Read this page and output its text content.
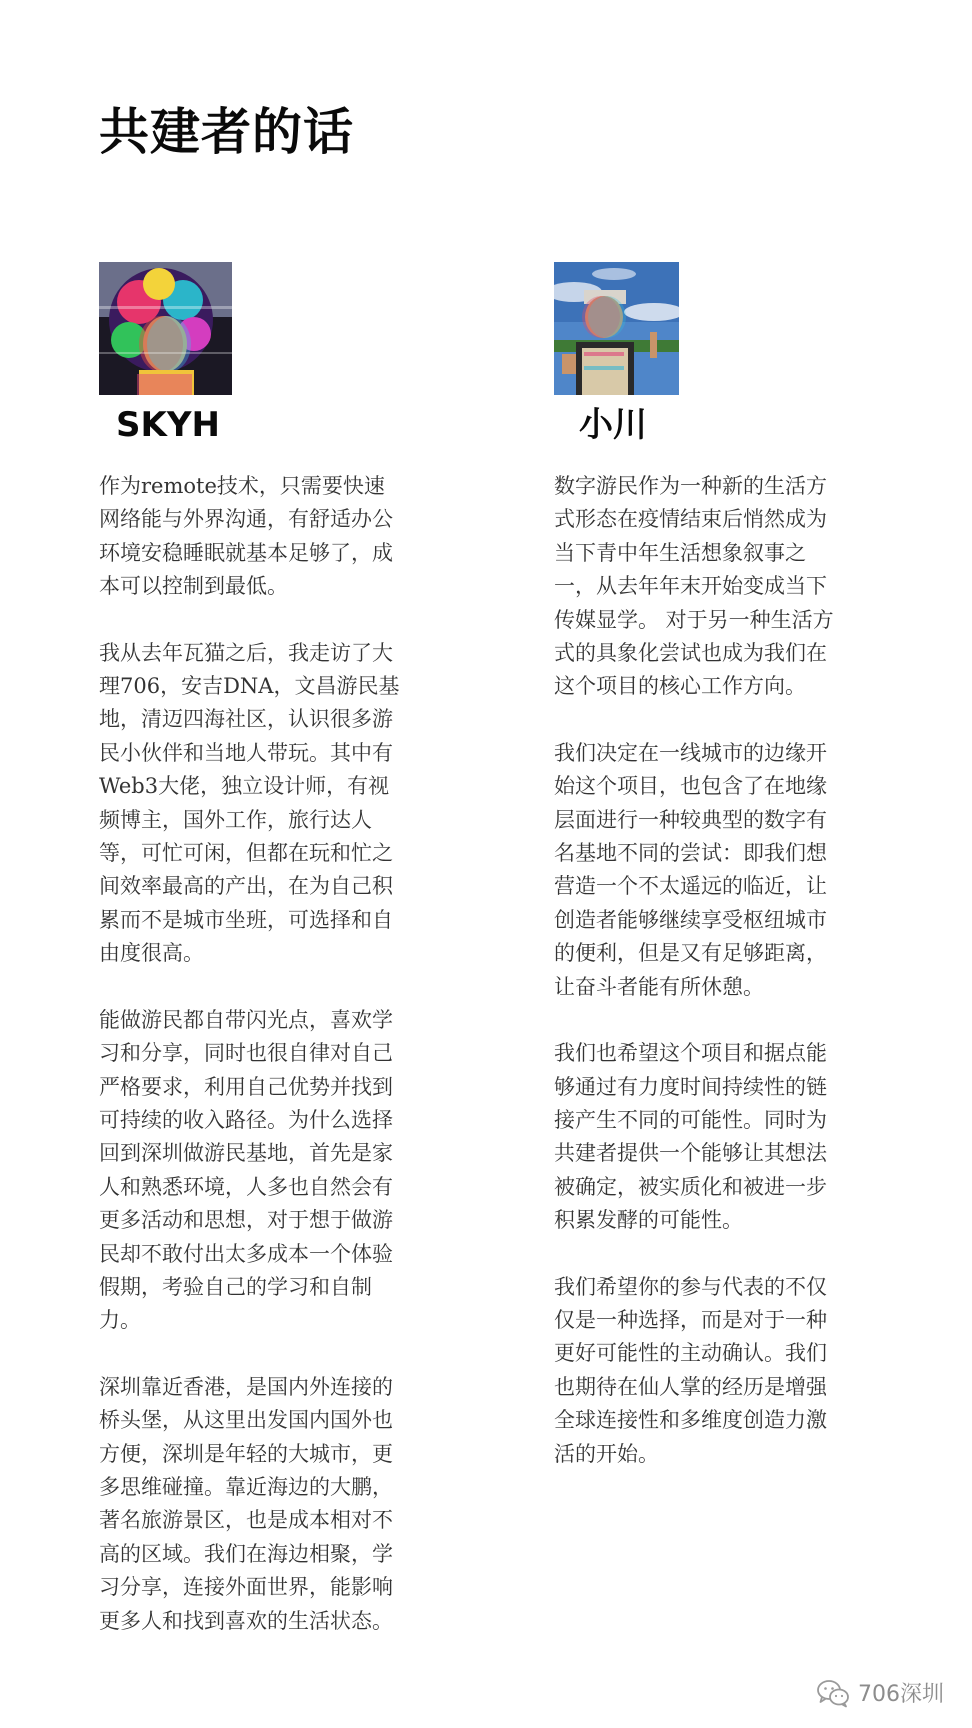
共建者的话
SKYH

作为remote技术，只需要快速
网络能与外界沟通，有舒适办公
环境安稳睡眠就基本足够了，成
本可以控制到最低。

我从去年瓦猫之后，我走访了大
理706，安吉DNA，文昌游民基
地，清迈四海社区，认识很多游
民小伙伴和当地人带玩。其中有
Web3大佬，独立设计师，有视
频博主，国外工作，旅行达人
等，可忙可闲，但都在玩和忙之
间效率最高的产出，在为自己积
累而不是城市坐班，可选择和自
由度很高。

能做游民都自带闪光点，喜欢学
习和分享，同时也很自律对自己
严格要求，利用自己优势并找到
可持续的收入路径。为什么选择
回到深圳做游民基地，首先是家
人和熟悉环境，人多也自然会有
更多活动和思想，对于想于做游
民却不敢付出太多成本一个体验
假期，考验自己的学习和自制
力。

深圳靠近香港，是国内外连接的
桥头堡，从这里出发国内国外也
方便，深圳是年轻的大城市，更
多思维碰撞。靠近海边的大鹏，
著名旅游景区，也是成本相对不
高的区域。我们在海边相聚，学
习分享，连接外面世界，能影响
更多人和找到喜欢的生活状态。

小川

数字游民作为一种新的生活方
式形态在疫情结束后悄然成为
当下青中年生活想象叙事之
一，从去年年末开始变成当下
传媒显学。 对于另一种生活方
式的具象化尝试也成为我们在
这个项目的核心工作方向。

我们决定在一线城市的边缘开
始这个项目，也包含了在地缘
层面进行一种较典型的数字有
名基地不同的尝试：即我们想
营造一个不太遥远的临近，让
创造者能够继续享受枢纽城市
的便利，但是又有足够距离，
让奋斗者能有所休憩。

我们也希望这个项目和据点能
够通过有力度时间持续性的链
接产生不同的可能性。同时为
共建者提供一个能够让其想法
被确定，被实质化和被进一步
积累发酵的可能性。

我们希望你的参与代表的不仅
仅是一种选择，而是对于一种
更好可能性的主动确认。我们
也期待在仙人掌的经历是增强
全球连接性和多维度创造力激
活的开始。

706深圳
